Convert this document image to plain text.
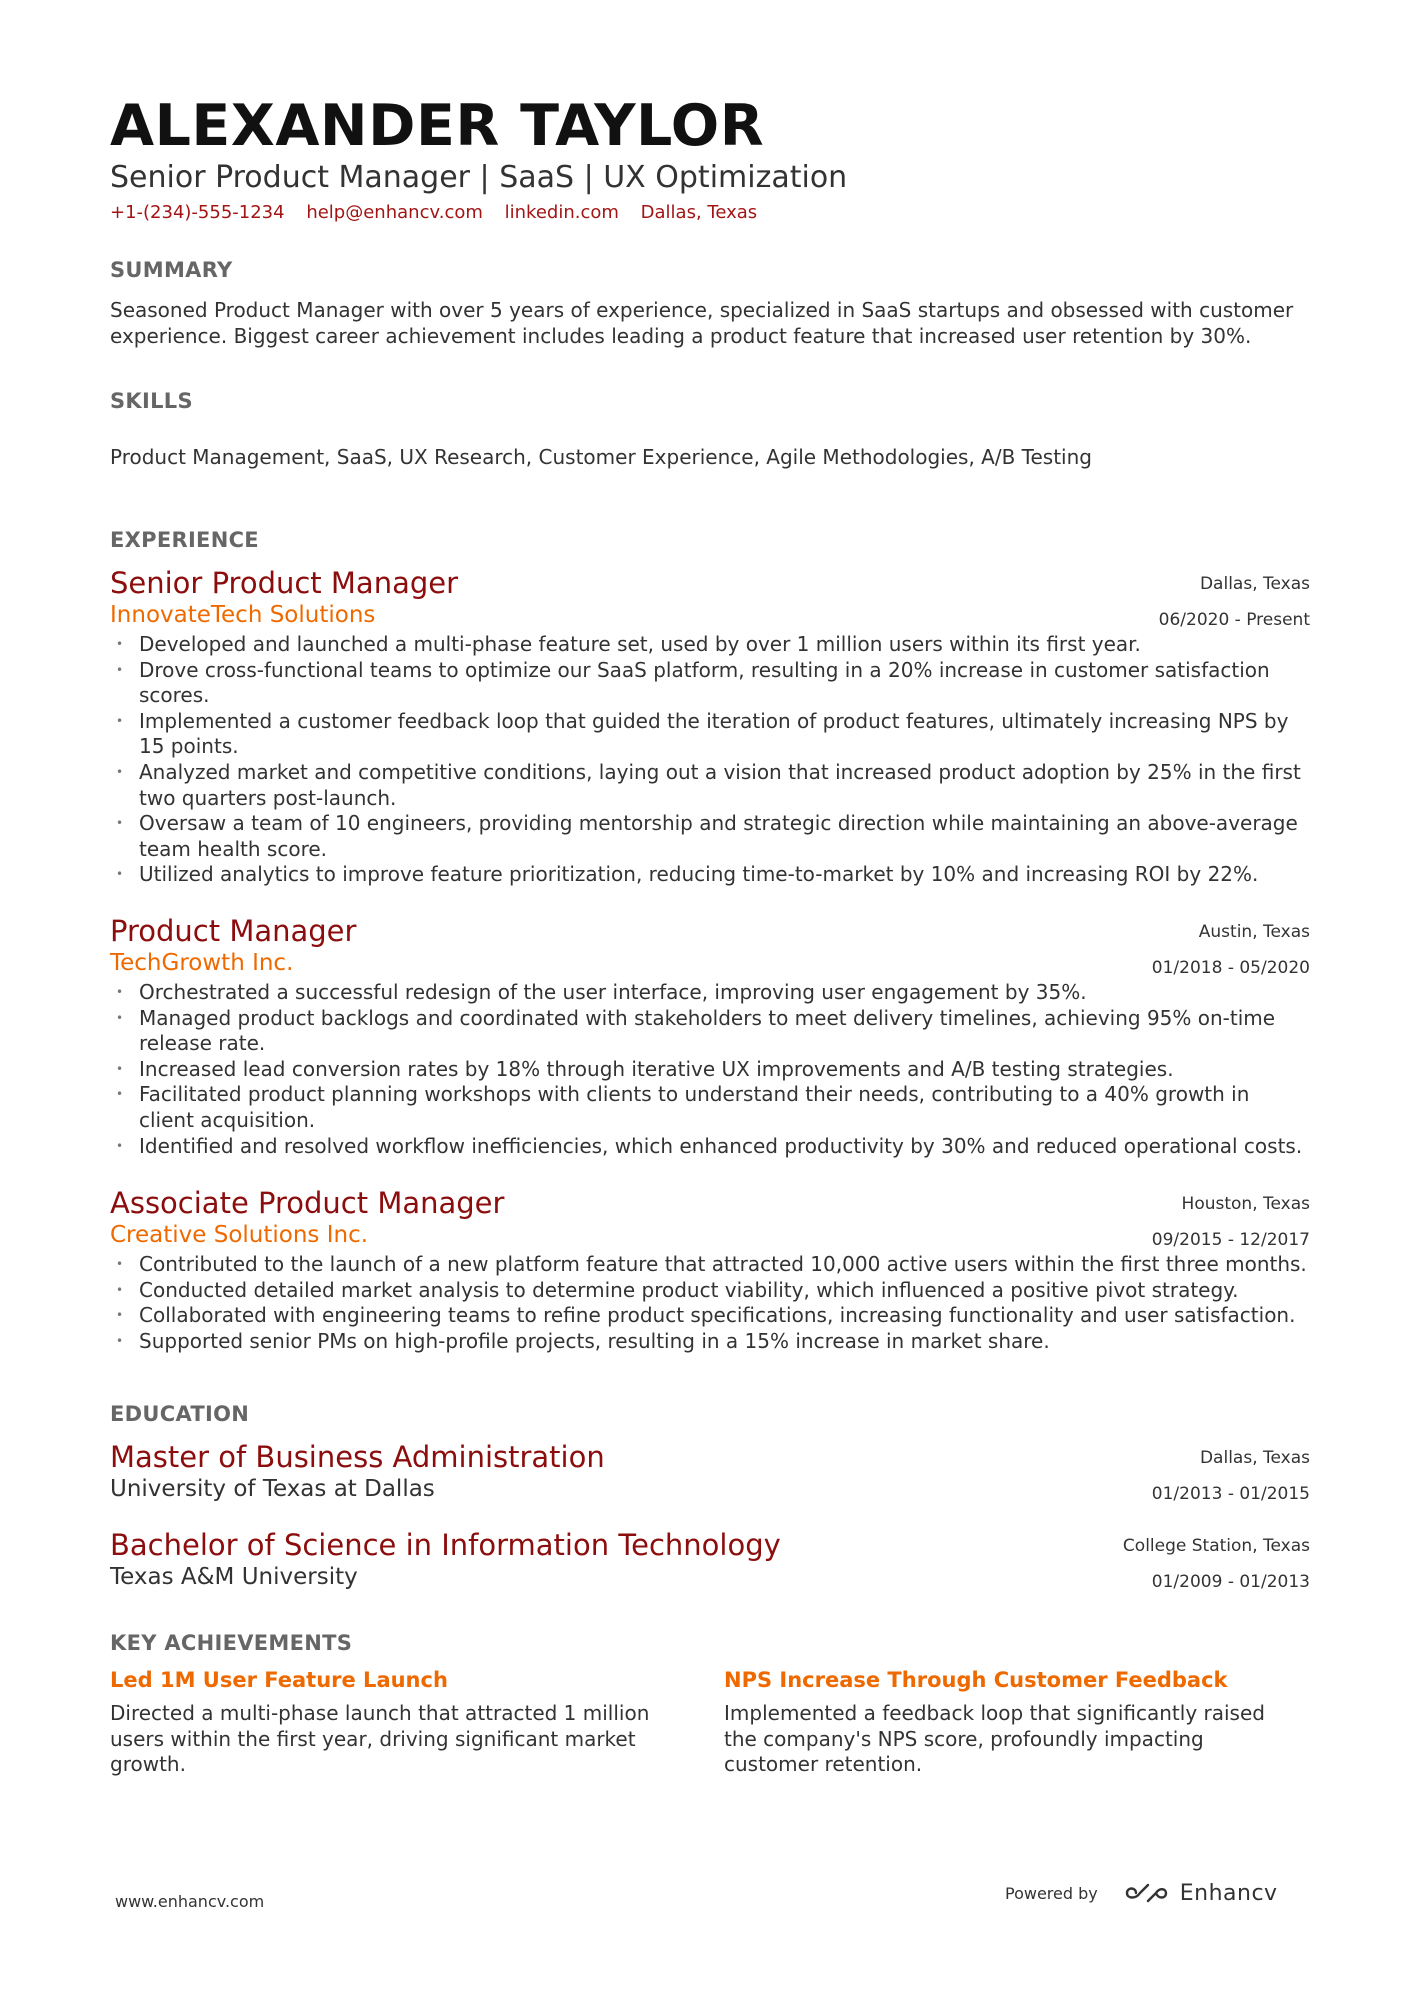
ALEXANDER TAYLOR
Senior Product Manager | SaaS | UX Optimization
+1-(234)-555-1234 help@enhancv.com linkedin.com Dallas, Texas
SUMMARY
Seasoned Product Manager with over 5 years of experience, specialized in SaaS startups and obsessed with customer experience. Biggest career achievement includes leading a product feature that increased user retention by 30%.
SKILLS
Product Management, SaaS, UX Research, Customer Experience, Agile Methodologies, A/B Testing
EXPERIENCE
Senior Product Manager
InnovateTech Solutions
Dallas, Texas
06/2020 - Present
• Developed and launched a multi-phase feature set, used by over 1 million users within its first year.
• Drove cross-functional teams to optimize our SaaS platform, resulting in a 20% increase in customer satisfaction scores.
• Implemented a customer feedback loop that guided the iteration of product features, ultimately increasing NPS by 15 points.
• Analyzed market and competitive conditions, laying out a vision that increased product adoption by 25% in the first two quarters post-launch.
• Oversaw a team of 10 engineers, providing mentorship and strategic direction while maintaining an above-average team health score.
• Utilized analytics to improve feature prioritization, reducing time-to-market by 10% and increasing ROI by 22%.
Product Manager
TechGrowth Inc.
Austin, Texas
01/2018 - 05/2020
• Orchestrated a successful redesign of the user interface, improving user engagement by 35%.
• Managed product backlogs and coordinated with stakeholders to meet delivery timelines, achieving 95% on-time release rate.
• Increased lead conversion rates by 18% through iterative UX improvements and A/B testing strategies.
• Facilitated product planning workshops with clients to understand their needs, contributing to a 40% growth in client acquisition.
• Identified and resolved workflow inefficiencies, which enhanced productivity by 30% and reduced operational costs.
Associate Product Manager
Creative Solutions Inc.
Houston, Texas
09/2015 - 12/2017
• Contributed to the launch of a new platform feature that attracted 10,000 active users within the first three months.
• Conducted detailed market analysis to determine product viability, which influenced a positive pivot strategy.
• Collaborated with engineering teams to refine product specifications, increasing functionality and user satisfaction.
• Supported senior PMs on high-profile projects, resulting in a 15% increase in market share.
EDUCATION
Master of Business Administration
University of Texas at Dallas
Dallas, Texas
01/2013 - 01/2015
Bachelor of Science in Information Technology
Texas A&M University
College Station, Texas
01/2009 - 01/2013
KEY ACHIEVEMENTS
Led 1M User Feature Launch
Directed a multi-phase launch that attracted 1 million users within the first year, driving significant market growth.
NPS Increase Through Customer Feedback
Implemented a feedback loop that significantly raised the company's NPS score, profoundly impacting customer retention.
www.enhancv.com	Powered by	Enhancv
